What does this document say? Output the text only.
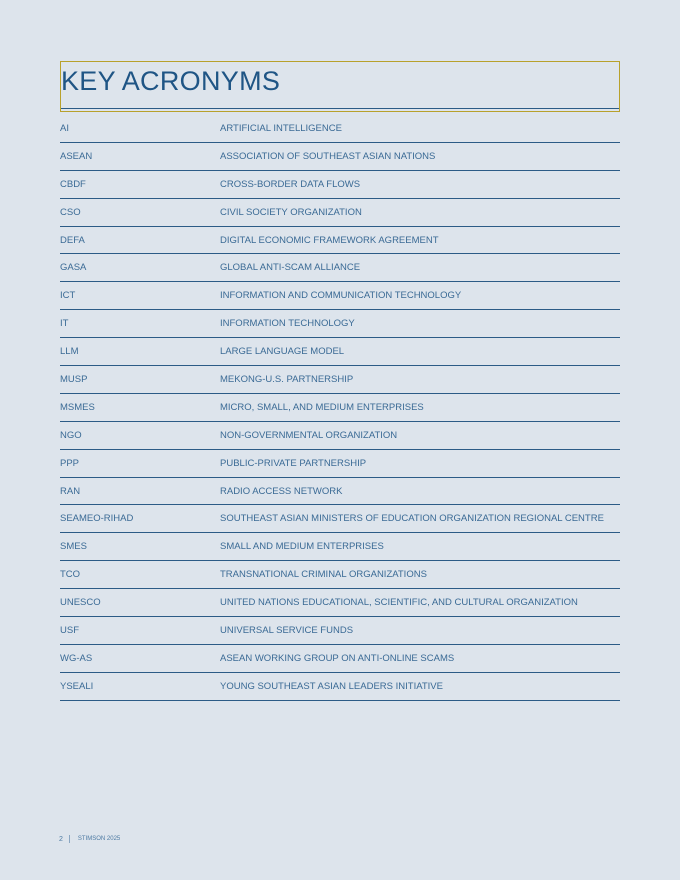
KEY ACRONYMS
AI	ARTIFICIAL INTELLIGENCE
ASEAN	ASSOCIATION OF SOUTHEAST ASIAN NATIONS
CBDF	CROSS-BORDER DATA FLOWS
CSO	CIVIL SOCIETY ORGANIZATION
DEFA	DIGITAL ECONOMIC FRAMEWORK AGREEMENT
GASA	GLOBAL ANTI-SCAM ALLIANCE
ICT	INFORMATION AND COMMUNICATION TECHNOLOGY
IT	INFORMATION TECHNOLOGY
LLM	LARGE LANGUAGE MODEL
MUSP	MEKONG-U.S. PARTNERSHIP
MSMES	MICRO, SMALL, AND MEDIUM ENTERPRISES
NGO	NON-GOVERNMENTAL ORGANIZATION
PPP	PUBLIC-PRIVATE PARTNERSHIP
RAN	RADIO ACCESS NETWORK
SEAMEO-RIHAD	SOUTHEAST ASIAN MINISTERS OF EDUCATION ORGANIZATION REGIONAL CENTRE
SMES	SMALL AND MEDIUM ENTERPRISES
TCO	TRANSNATIONAL CRIMINAL ORGANIZATIONS
UNESCO	UNITED NATIONS EDUCATIONAL, SCIENTIFIC, AND CULTURAL ORGANIZATION
USF	UNIVERSAL SERVICE FUNDS
WG-AS	ASEAN WORKING GROUP ON ANTI-ONLINE SCAMS
YSEALI	YOUNG SOUTHEAST ASIAN LEADERS INITIATIVE
2	STIMSON 2025
